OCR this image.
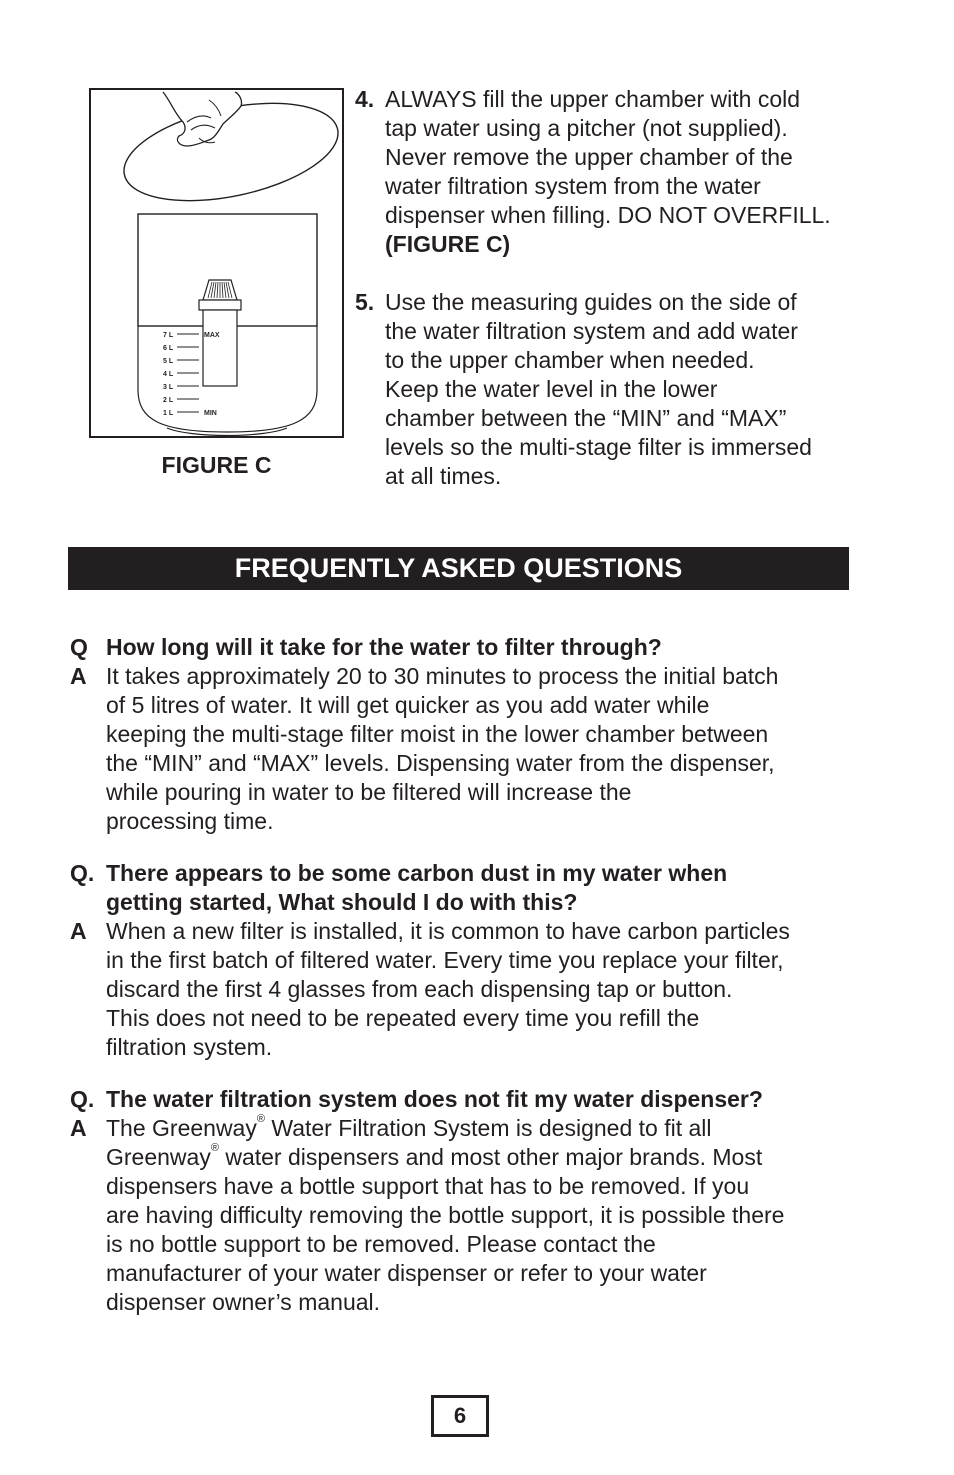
7 L
6 L
5 L
4 L
3 L
2 L
1 L
MAX
MIN
FIGURE C
4. ALWAYS fill the upper chamber with cold
tap water using a pitcher (not supplied).
Never remove the upper chamber of the
water filtration system from the water
dispenser when filling. DO NOT OVERFILL.
(FIGURE C)
5. Use the measuring guides on the side of
the water filtration system and add water
to the upper chamber when needed.
Keep the water level in the lower
chamber between the “MIN” and “MAX”
levels so the multi-stage filter is immersed
at all times.
FREQUENTLY ASKED QUESTIONS
Q How long will it take for the water to filter through?
A It takes approximately 20 to 30 minutes to process the initial batch
of 5 litres of water. It will get quicker as you add water while
keeping the multi-stage filter moist in the lower chamber between
the “MIN” and “MAX” levels. Dispensing water from the dispenser,
while pouring in water to be filtered will increase the
processing time.
Q. There appears to be some carbon dust in my water when
getting started, What should I do with this?
A When a new filter is installed, it is common to have carbon particles
in the first batch of filtered water. Every time you replace your filter,
discard the first 4 glasses from each dispensing tap or button.
This does not need to be repeated every time you refill the
filtration system.
Q. The water filtration system does not fit my water dispenser?
A The Greenway® Water Filtration System is designed to fit all
Greenway® water dispensers and most other major brands. Most
dispensers have a bottle support that has to be removed. If you
are having difficulty removing the bottle support, it is possible there
is no bottle support to be removed. Please contact the
manufacturer of your water dispenser or refer to your water
dispenser owner’s manual.
6
